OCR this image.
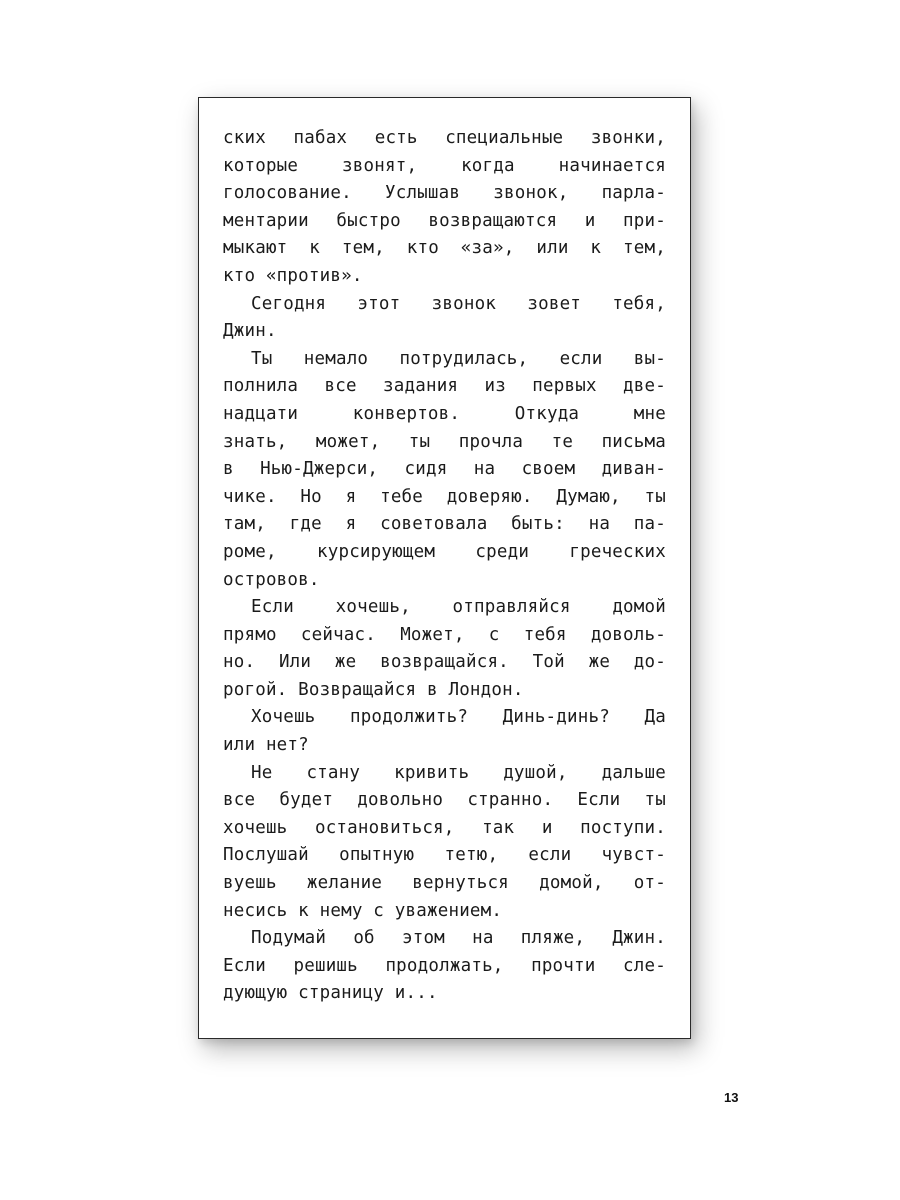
ских пабах есть специальные звонки,
которые звонят, когда начинается
голосование. Услышав звонок, парла-
ментарии быстро возвращаются и при-
мыкают к тем, кто «за», или к тем,
кто «против».
Сегодня этот звонок зовет тебя,
Джин.
Ты немало потрудилась, если вы-
полнила все задания из первых две-
надцати конвертов. Откуда мне
знать, может, ты прочла те письма
в Нью-Джерси, сидя на своем диван-
чике. Но я тебе доверяю. Думаю, ты
там, где я советовала быть: на па-
роме, курсирующем среди греческих
островов.
Если хочешь, отправляйся домой
прямо сейчас. Может, с тебя доволь-
но. Или же возвращайся. Той же до-
рогой. Возвращайся в Лондон.
Хочешь продолжить? Динь-динь? Да
или нет?
Не стану кривить душой, дальше
все будет довольно странно. Если ты
хочешь остановиться, так и поступи.
Послушай опытную тетю, если чувст-
вуешь желание вернуться домой, от-
несись к нему с уважением.
Подумай об этом на пляже, Джин.
Если решишь продолжать, прочти сле-
дующую страницу и...
13
